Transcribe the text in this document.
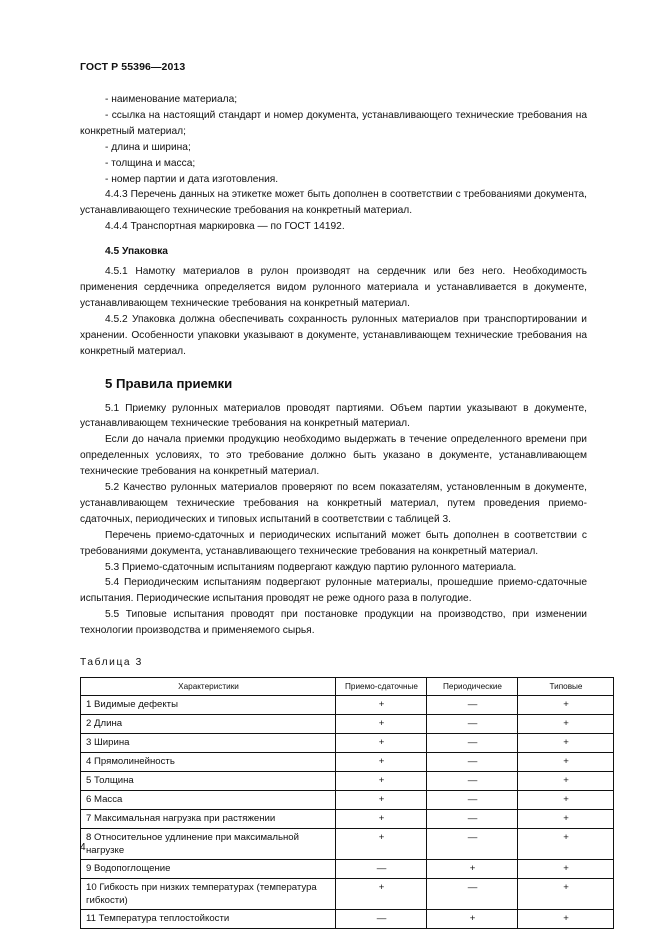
ГОСТ Р 55396—2013

- наименование материала;

- ссылка на настоящий стандарт и номер документа, устанавливающего технические требования на конкретный материал;

- длина и ширина;

- толщина и масса;

- номер партии и дата изготовления.

4.4.3 Перечень данных на этикетке может быть дополнен в соответствии с требованиями документа, устанавливающего технические требования на конкретный материал.

4.4.4 Транспортная маркировка — по ГОСТ 14192.

4.5 Упаковка

4.5.1 Намотку материалов в рулон производят на сердечник или без него. Необходимость применения сердечника определяется видом рулонного материала и устанавливается в документе, устанавливающем технические требования на конкретный материал.

4.5.2 Упаковка должна обеспечивать сохранность рулонных материалов при транспортировании и хранении. Особенности упаковки указывают в документе, устанавливающем технические требования на конкретный материал.

5 Правила приемки

5.1 Приемку рулонных материалов проводят партиями. Объем партии указывают в документе, устанавливающем технические требования на конкретный материал.

Если до начала приемки продукцию необходимо выдержать в течение определенного времени при определенных условиях, то это требование должно быть указано в документе, устанавливающем технические требования на конкретный материал.

5.2 Качество рулонных материалов проверяют по всем показателям, установленным в документе, устанавливающем технические требования на конкретный материал, путем проведения приемо-сдаточных, периодических и типовых испытаний в соответствии с таблицей 3.

Перечень приемо-сдаточных и периодических испытаний может быть дополнен в соответствии с требованиями документа, устанавливающего технические требования на конкретный материал.

5.3 Приемо-сдаточным испытаниям подвергают каждую партию рулонного материала.

5.4 Периодическим испытаниям подвергают рулонные материалы, прошедшие приемо-сдаточные испытания. Периодические испытания проводят не реже одного раза в полугодие.

5.5 Типовые испытания проводят при постановке продукции на производство, при изменении технологии производства и применяемого сырья.

Таблица 3

Характеристики	Приемо-сдаточные	Периодические	Типовые
1 Видимые дефекты	+	—	+
2 Длина	+	—	+
3 Ширина	+	—	+
4 Прямолинейность	+	—	+
5 Толщина	+	—	+
6 Масса	+	—	+
7 Максимальная нагрузка при растяжении	+	—	+
8 Относительное удлинение при максимальной нагрузке	+	—	+
9 Водопоглощение	—	+	+
10 Гибкость при низких температурах (температура гибкости)	+	—	+
11 Температура теплостойкости	—	+	+
4
